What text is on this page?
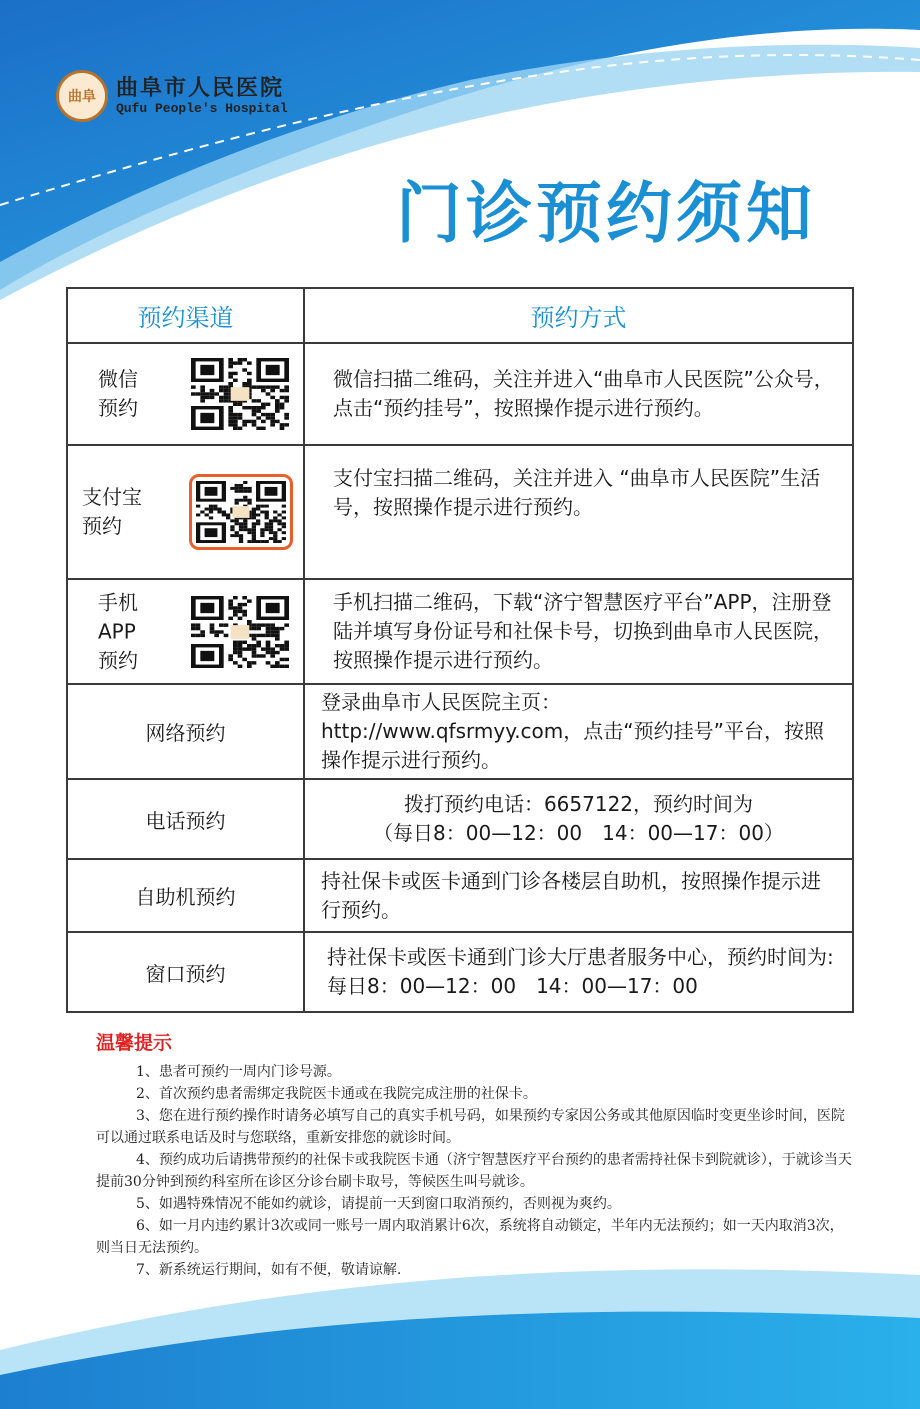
曲阜 曲阜市人民医院
Qufu People's Hospital
门诊预约须知
预约渠道	预约方式

微信
预约	微信扫描二维码，关注并进入“曲阜市人民医院”公众号，点击“预约挂号”，按照操作提示进行预约。

支付宝
预约	支付宝扫描二维码，关注并进入 “曲阜市人民医院”生活号，按照操作提示进行预约。

手机
APP
预约	手机扫描二维码，下载“济宁智慧医疗平台”APP，注册登陆并填写身份证号和社保卡号，切换到曲阜市人民医院，按照操作提示进行预约。
网络预约	登录曲阜市人民医院主页：
http://www.qfsrmyy.com，点击“预约挂号”平台，按照操作提示进行预约。

电话预约	拨打预约电话：6657122，预约时间为
（每日8：00—12：00　14：00—17：00）

自助机预约	持社保卡或医卡通到门诊各楼层自助机，按照操作提示进行预约。
窗口预约	持社保卡或医卡通到门诊大厅患者服务中心，预约时间为:每日8：00—12：00　14：00—17：00
温馨提示
1、患者可预约一周内门诊号源。
2、首次预约患者需绑定我院医卡通或在我院完成注册的社保卡。
3、您在进行预约操作时请务必填写自己的真实手机号码，如果预约专家因公务或其他原因临时变更坐诊时间，医院可以通过联系电话及时与您联络，重新安排您的就诊时间。
4、预约成功后请携带预约的社保卡或我院医卡通（济宁智慧医疗平台预约的患者需持社保卡到院就诊），于就诊当天提前30分钟到预约科室所在诊区分诊台刷卡取号，等候医生叫号就诊。
5、如遇特殊情况不能如约就诊，请提前一天到窗口取消预约，否则视为爽约。
6、如一月内违约累计3次或同一账号一周内取消累计6次，系统将自动锁定，半年内无法预约；如一天内取消3次，则当日无法预约。
7、新系统运行期间，如有不便，敬请谅解.
